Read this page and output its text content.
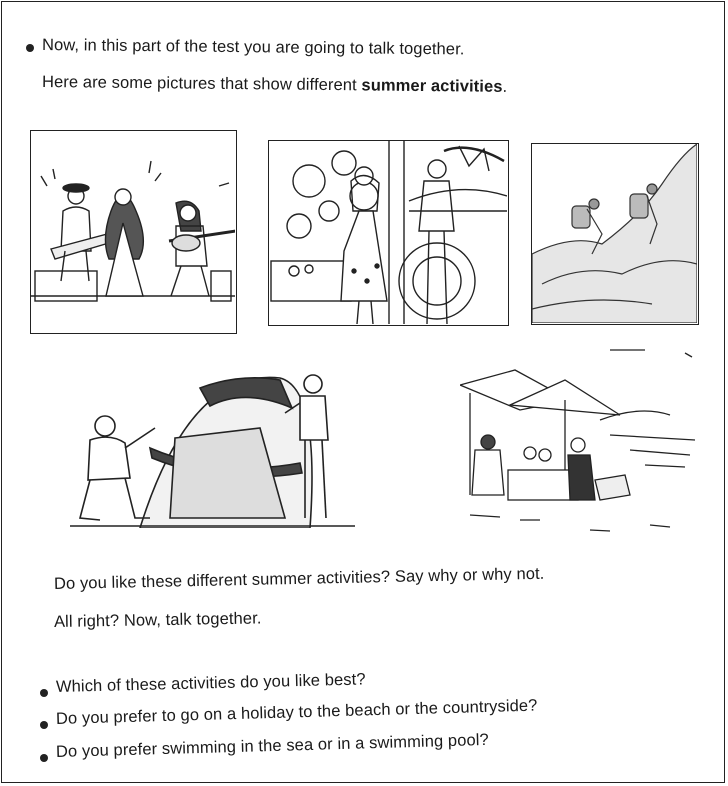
Now, in this part of the test you are going to talk together.
Here are some pictures that show different summer activities.
Do you like these different summer activities? Say why or why not.
All right? Now, talk together.
Which of these activities do you like best?
Do you prefer to go on a holiday to the beach or the countryside?
Do you prefer swimming in the sea or in a swimming pool?
